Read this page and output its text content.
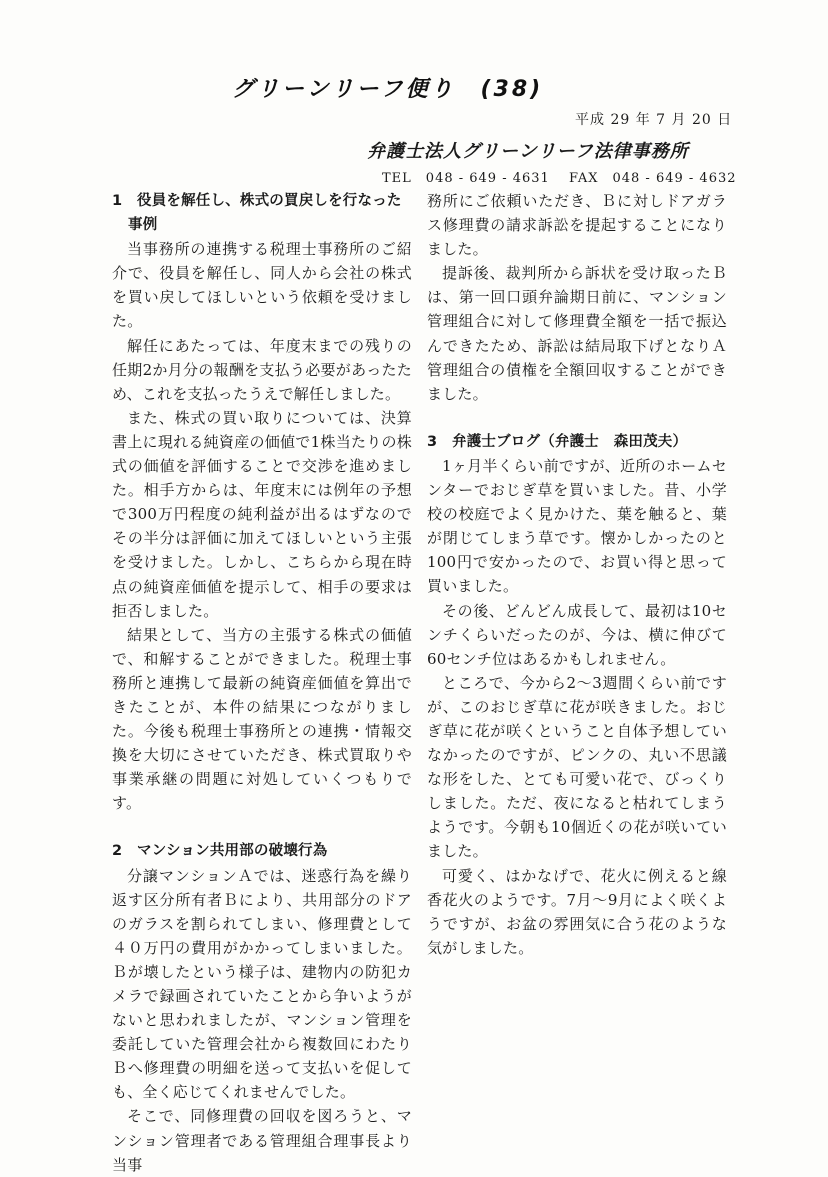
グリーンリーフ便り　(38)
平成 29 年 7 月 20 日
弁護士法人グリーンリーフ法律事務所
TEL　048 - 649 - 4631　 FAX　048 - 649 - 4632
1　役員を解任し、株式の買戻しを行なった
事例

当事務所の連携する税理士事務所のご紹介で、役員を解任し、同人から会社の株式を買い戻してほしいという依頼を受けました。

解任にあたっては、年度末までの残りの任期2か月分の報酬を支払う必要があったため、これを支払ったうえで解任しました。

また、株式の買い取りについては、決算書上に現れる純資産の価値で1株当たりの株式の価値を評価することで交渉を進めました。相手方からは、年度末には例年の予想で300万円程度の純利益が出るはずなのでその半分は評価に加えてほしいという主張を受けました。しかし、こちらから現在時点の純資産価値を提示して、相手の要求は拒否しました。

結果として、当方の主張する株式の価値で、和解することができました。税理士事務所と連携して最新の純資産価値を算出できたことが、本件の結果につながりました。今後も税理士事務所との連携・情報交換を大切にさせていただき、株式買取りや事業承継の問題に対処していくつもりです。

2　マンション共用部の破壊行為

分譲マンションＡでは、迷惑行為を繰り返す区分所有者Ｂにより、共用部分のドアのガラスを割られてしまい、修理費として４０万円の費用がかかってしまいました。Ｂが壊したという様子は、建物内の防犯カメラで録画されていたことから争いようがないと思われましたが、マンション管理を委託していた管理会社から複数回にわたりＢへ修理費の明細を送って支払いを促しても、全く応じてくれませんでした。

そこで、同修理費の回収を図ろうと、マンション管理者である管理組合理事長より当事

務所にご依頼いただき、Ｂに対しドアガラス修理費の請求訴訟を提起することになりました。

提訴後、裁判所から訴状を受け取ったＢは、第一回口頭弁論期日前に、マンション管理組合に対して修理費全額を一括で振込んできたため、訴訟は結局取下げとなりＡ管理組合の債権を全額回収することができました。

3　弁護士ブログ（弁護士　森田茂夫）

1ヶ月半くらい前ですが、近所のホームセンターでおじぎ草を買いました。昔、小学校の校庭でよく見かけた、葉を触ると、葉が閉じてしまう草です。懐かしかったのと100円で安かったので、お買い得と思って買いました。

その後、どんどん成長して、最初は10センチくらいだったのが、今は、横に伸びて60センチ位はあるかもしれません。

ところで、今から2～3週間くらい前ですが、このおじぎ草に花が咲きました。おじぎ草に花が咲くということ自体予想していなかったのですが、ピンクの、丸い不思議な形をした、とても可愛い花で、びっくりしました。ただ、夜になると枯れてしまうようです。今朝も10個近くの花が咲いていました。

可愛く、はかなげで、花火に例えると線香花火のようです。7月～9月によく咲くようですが、お盆の雰囲気に合う花のような気がしました。
